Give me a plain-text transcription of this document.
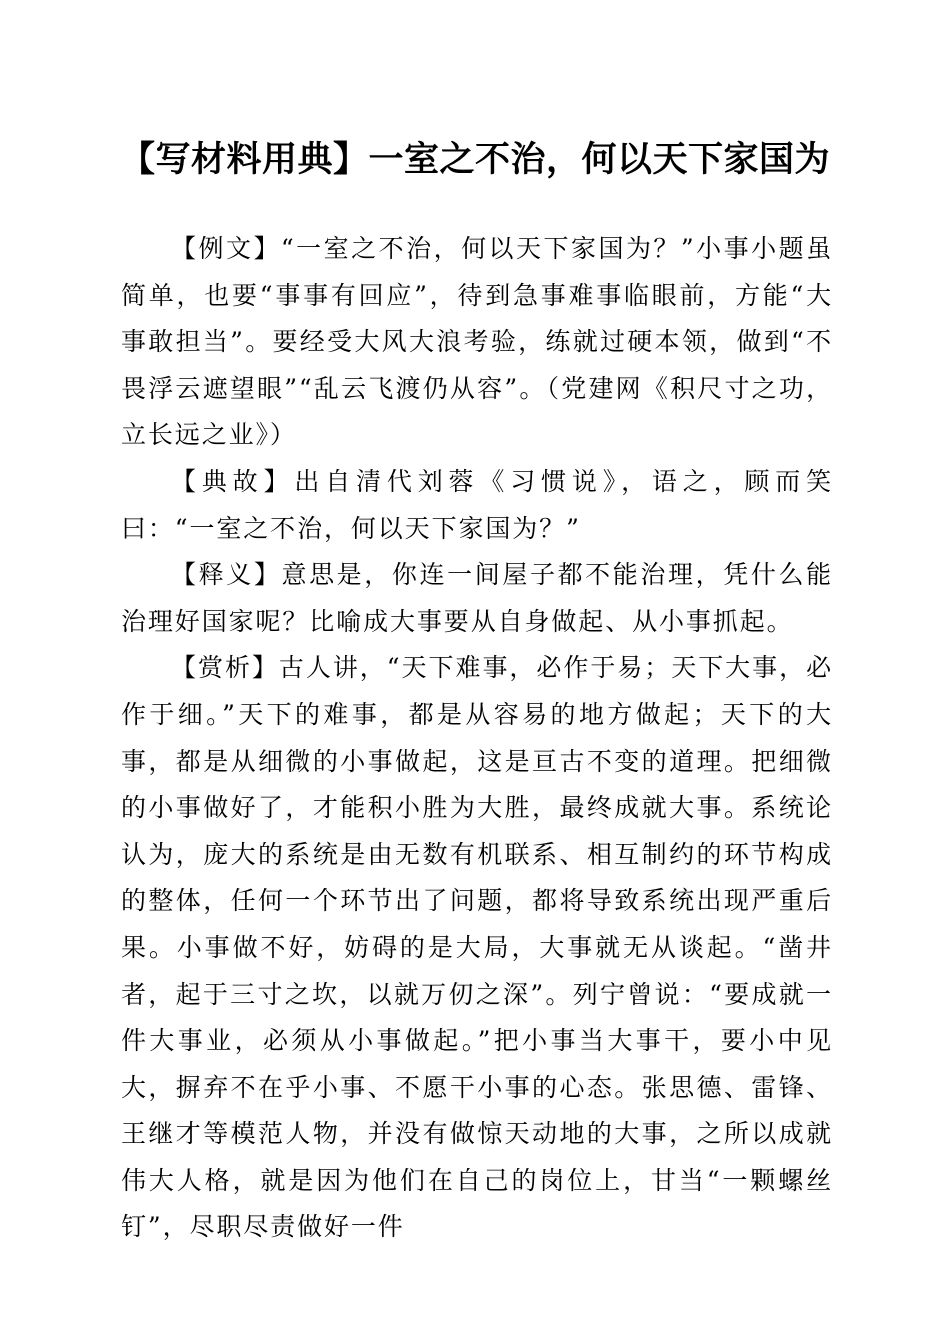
【写材料用典】一室之不治，何以天下家国为

【例文】“一室之不治，何以天下家国为？”小事小题虽简单，也要“事事有回应”，待到急事难事临眼前，方能“大事敢担当”。要经受大风大浪考验，练就过硬本领，做到“不畏浮云遮望眼”“乱云飞渡仍从容”。（党建网《积尺寸之功，立长远之业》）

【典故】出自清代刘蓉《习惯说》，语之，顾而笑曰：“一室之不治，何以天下家国为？”

【释义】意思是，你连一间屋子都不能治理，凭什么能治理好国家呢？比喻成大事要从自身做起、从小事抓起。

【赏析】古人讲，“天下难事，必作于易；天下大事，必作于细。”天下的难事，都是从容易的地方做起；天下的大事，都是从细微的小事做起，这是亘古不变的道理。把细微的小事做好了，才能积小胜为大胜，最终成就大事。系统论认为，庞大的系统是由无数有机联系、相互制约的环节构成的整体，任何一个环节出了问题，都将导致系统出现严重后果。小事做不好，妨碍的是大局，大事就无从谈起。“凿井者，起于三寸之坎，以就万仞之深”。列宁曾说：“要成就一件大事业，必须从小事做起。”把小事当大事干，要小中见大，摒弃不在乎小事、不愿干小事的心态。张思德、雷锋、王继才等模范人物，并没有做惊天动地的大事，之所以成就伟大人格，就是因为他们在自己的岗位上，甘当“一颗螺丝钉”，尽职尽责做好一件
